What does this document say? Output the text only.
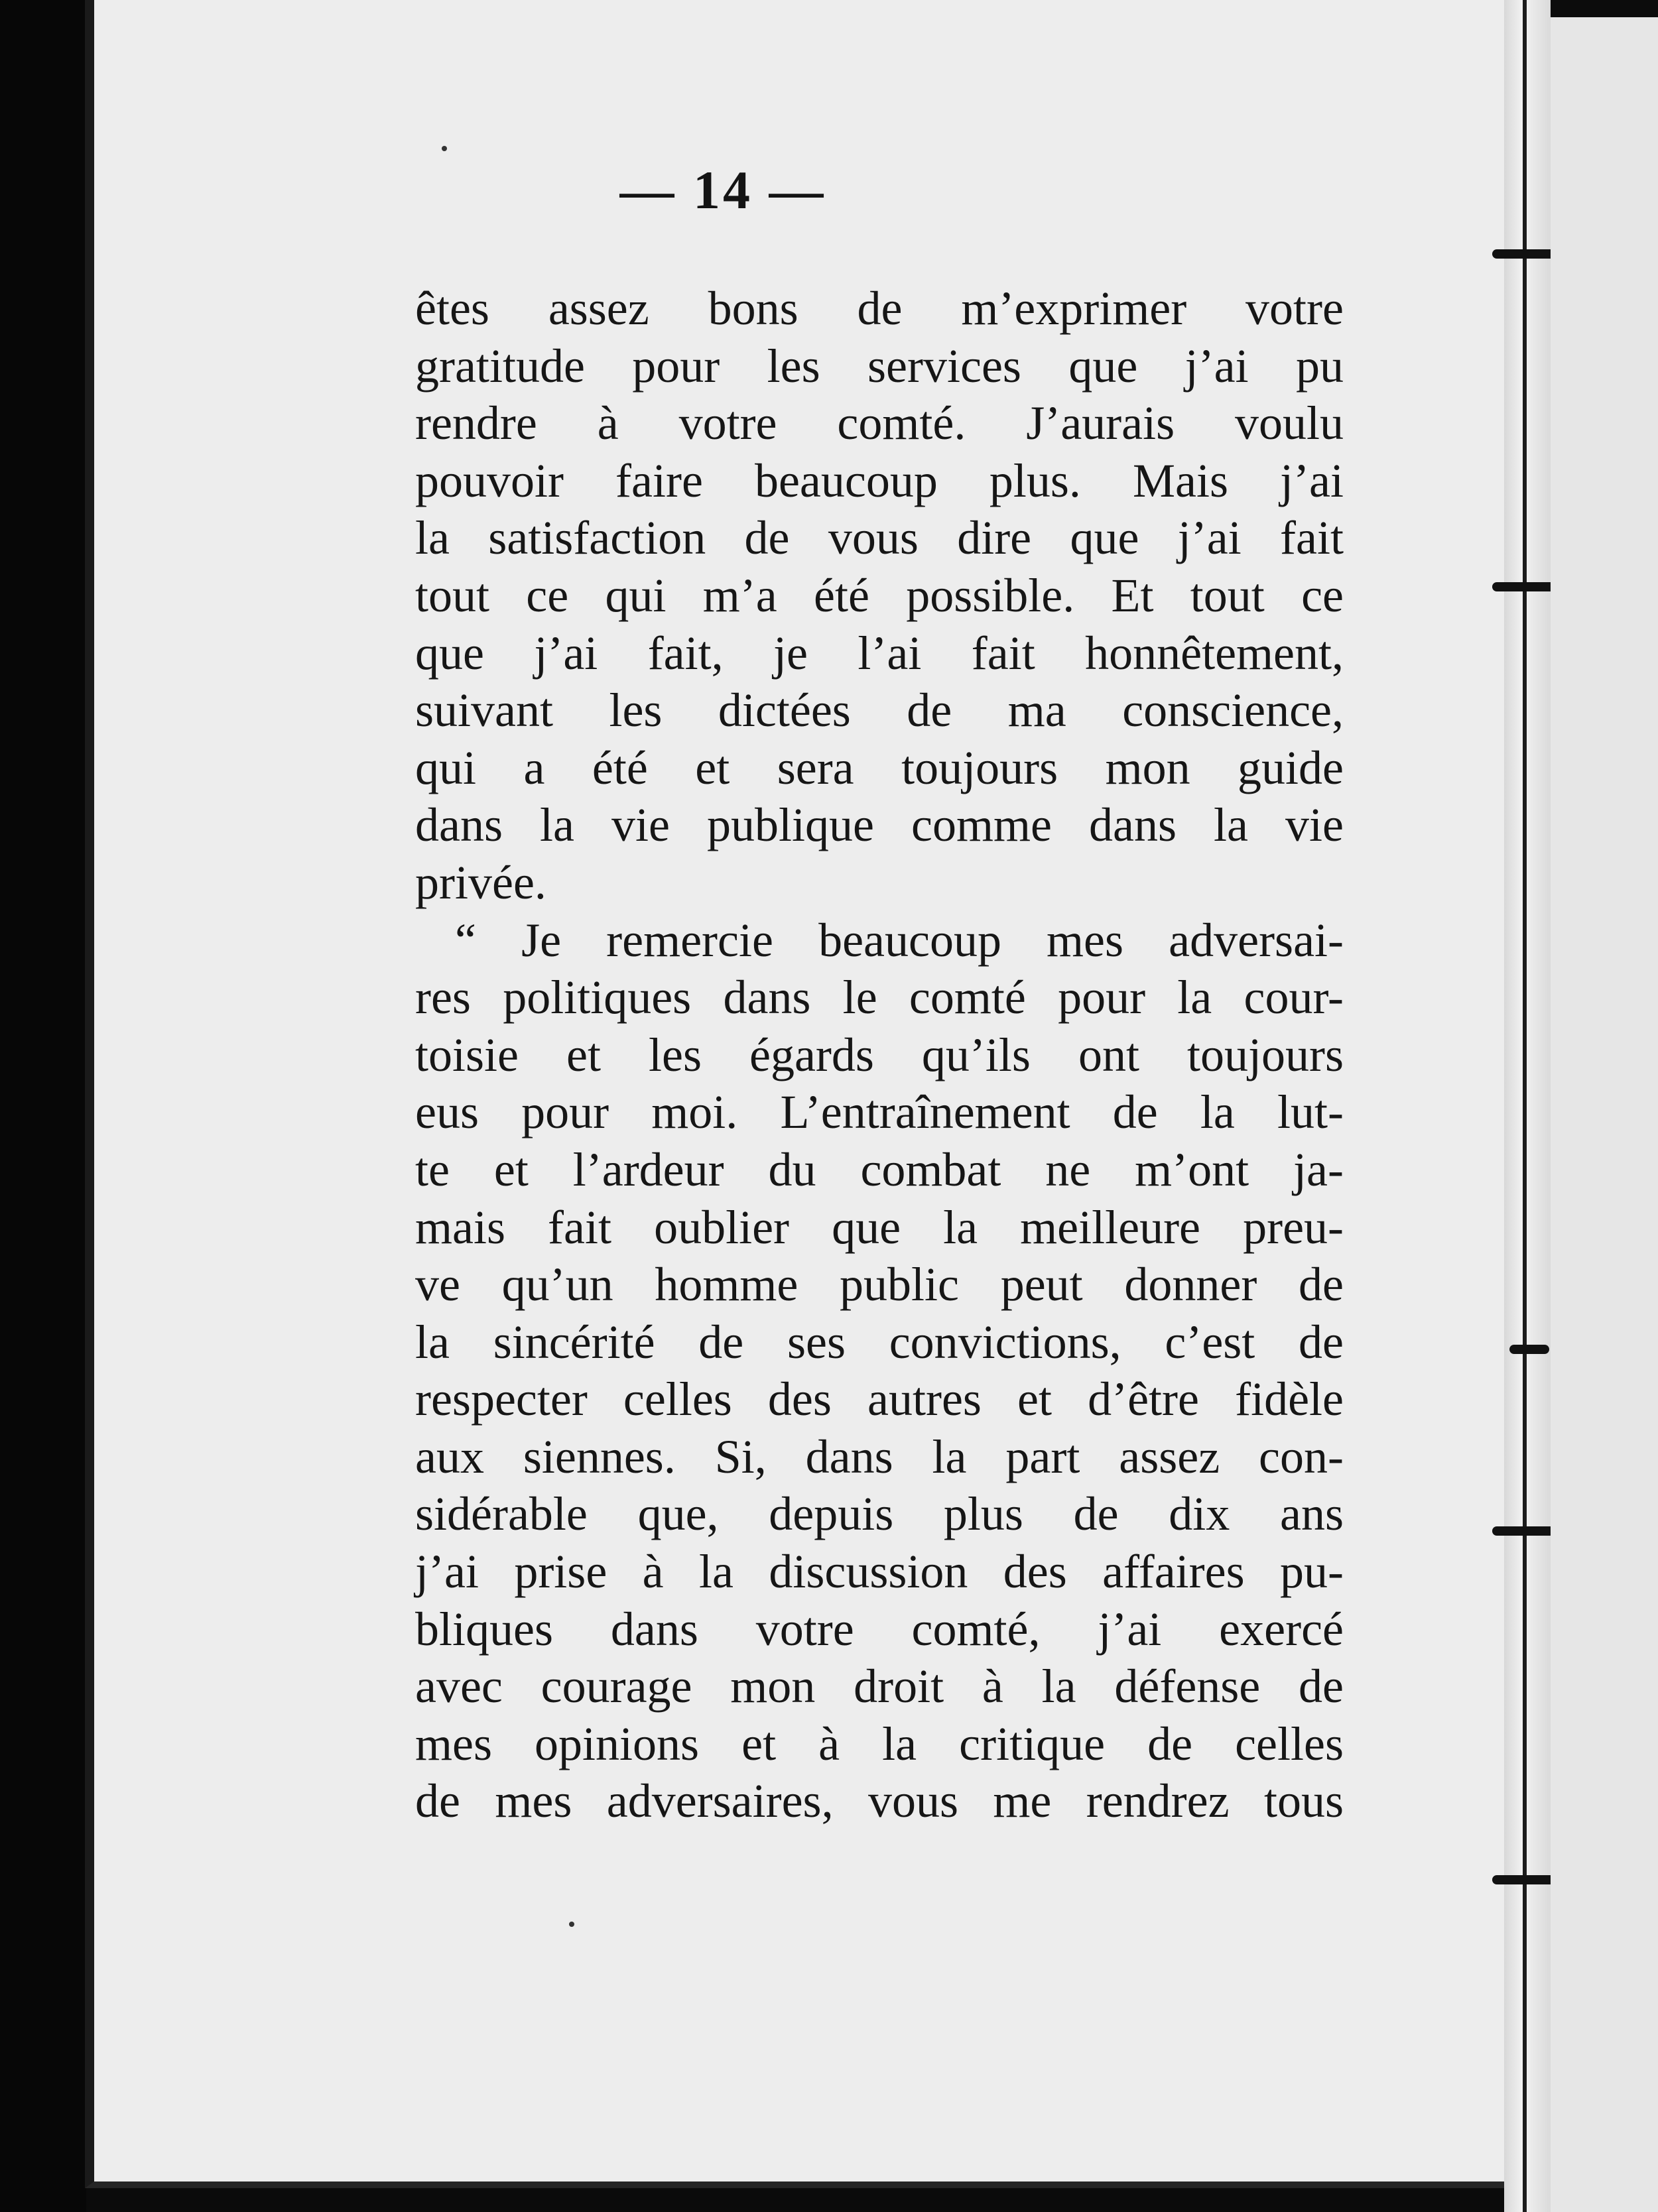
— 14 —
êtes assez bons de m’exprimer votre
gratitude pour les services que j’ai pu
rendre à votre comté. J’aurais voulu
pouvoir faire beaucoup plus. Mais j’ai
la satisfaction de vous dire que j’ai fait
tout ce qui m’a été possible. Et tout ce
que j’ai fait, je l’ai fait honnêtement,
suivant les dictées de ma conscience,
qui a été et sera toujours mon guide
dans la vie publique comme dans la vie
privée.
“ Je remercie beaucoup mes adversai-
res politiques dans le comté pour la cour-
toisie et les égards qu’ils ont toujours
eus pour moi. L’entraînement de la lut-
te et l’ardeur du combat ne m’ont ja-
mais fait oublier que la meilleure preu-
ve qu’un homme public peut donner de
la sincérité de ses convictions, c’est de
respecter celles des autres et d’être fidèle
aux siennes. Si, dans la part assez con-
sidérable que, depuis plus de dix ans
j’ai prise à la discussion des affaires pu-
bliques dans votre comté, j’ai exercé
avec courage mon droit à la défense de
mes opinions et à la critique de celles
de mes adversaires, vous me rendrez tous
